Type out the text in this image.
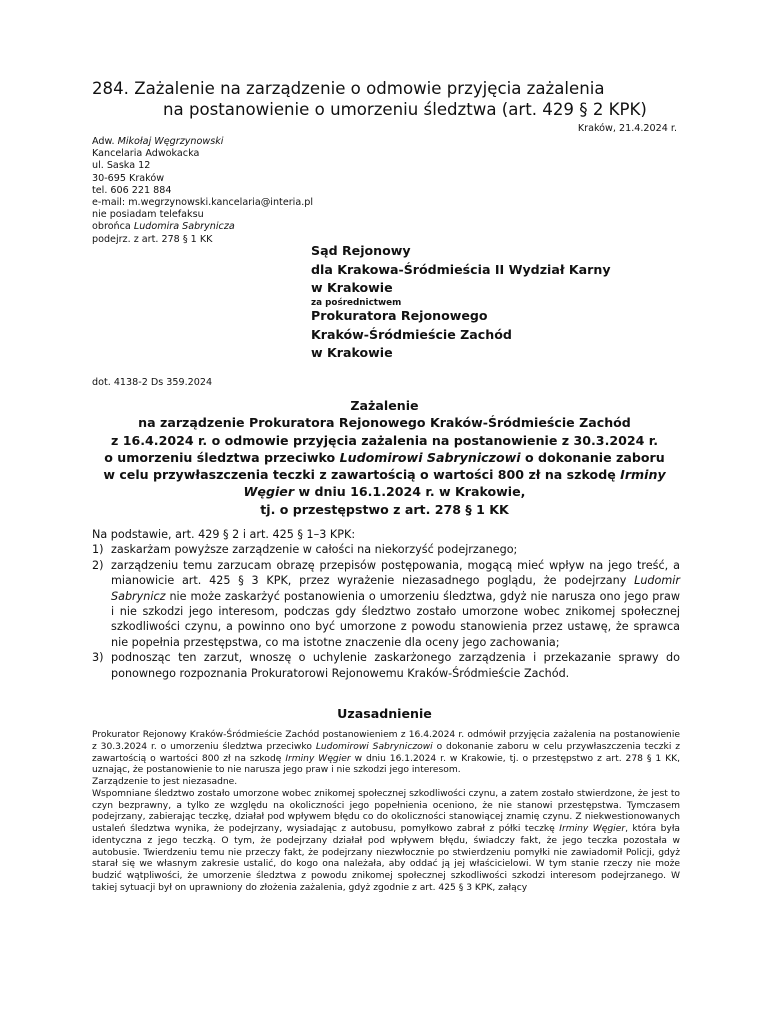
284. Zażalenie na zarządzenie o odmowie przyjęcia zażalenia
na postanowienie o umorzeniu śledztwa (art. 429 § 2 KPK)
Kraków, 21.4.2024 r.
Adw. Mikołaj Węgrzynowski
Kancelaria Adwokacka
ul. Saska 12
30-695 Kraków
tel. 606 221 884
e-mail: m.wegrzynowski.kancelaria@interia.pl
nie posiadam telefaksu
obrońca Ludomira Sabrynicza
podejrz. z art. 278 § 1 KK
Sąd Rejonowy
dla Krakowa-Śródmieścia II Wydział Karny
w Krakowie
za pośrednictwem
Prokuratora Rejonowego
Kraków-Śródmieście Zachód
w Krakowie
dot. 4138-2 Ds 359.2024
Zażalenie
na zarządzenie Prokuratora Rejonowego Kraków-Śródmieście Zachód
z 16.4.2024 r. o odmowie przyjęcia zażalenia na postanowienie z 30.3.2024 r.
o umorzeniu śledztwa przeciwko Ludomirowi Sabryniczowi o dokonanie zaboru
w celu przywłaszczenia teczki z zawartością o wartości 800 zł na szkodę Irminy
Węgier w dniu 16.1.2024 r. w Krakowie,
tj. o przestępstwo z art. 278 § 1 KK
Na podstawie, art. 429 § 2 i art. 425 § 1–3 KPK:
1) zaskarżam powyższe zarządzenie w całości na niekorzyść podejrzanego;
2) zarządzeniu temu zarzucam obrazę przepisów postępowania, mogącą mieć wpływ na jego treść, a mianowicie art. 425 § 3 KPK, przez wyrażenie niezasadnego poglądu, że podejrzany Ludomir Sabrynicz nie może zaskarżyć postanowienia o umorzeniu śledztwa, gdyż nie narusza ono jego praw i nie szkodzi jego interesom, podczas gdy śledztwo zostało umorzone wobec znikomej społecznej szkodliwości czynu, a powinno ono być umorzone z powodu stanowienia przez ustawę, że sprawca nie popełnia przestępstwa, co ma istotne znaczenie dla oceny jego zachowania;
3) podnosząc ten zarzut, wnoszę o uchylenie zaskarżonego zarządzenia i przekazanie sprawy do ponownego rozpoznania Prokuratorowi Rejonowemu Kraków-Śródmieście Zachód.
Uzasadnienie

Prokurator Rejonowy Kraków-Śródmieście Zachód postanowieniem z 16.4.2024 r. odmówił przyjęcia zażalenia na postanowienie z 30.3.2024 r. o umorzeniu śledztwa przeciwko Ludomirowi Sabryniczowi o dokonanie zaboru w celu przywłaszczenia teczki z zawartością o wartości 800 zł na szkodę Irminy Węgier w dniu 16.1.2024 r. w Krakowie, tj. o przestępstwo z art. 278 § 1 KK, uznając, że postanowienie to nie narusza jego praw i nie szkodzi jego interesom.

Zarządzenie to jest niezasadne.

Wspomniane śledztwo zostało umorzone wobec znikomej społecznej szkodliwości czynu, a zatem zostało stwierdzone, że jest to czyn bezprawny, a tylko ze względu na okoliczności jego popełnienia oceniono, że nie stanowi przestępstwa. Tymczasem podejrzany, zabierając teczkę, działał pod wpływem błędu co do okoliczności stanowiącej znamię czynu. Z niekwestionowanych ustaleń śledztwa wynika, że podejrzany, wysiadając z autobusu, pomyłkowo zabrał z półki teczkę Irminy Węgier, która była identyczna z jego teczką. O tym, że podejrzany działał pod wpływem błędu, świadczy fakt, że jego teczka pozostała w autobusie. Twierdzeniu temu nie przeczy fakt, że podejrzany niezwłocznie po stwierdzeniu pomyłki nie zawiadomił Policji, gdyż starał się we własnym zakresie ustalić, do kogo ona należała, aby oddać ją jej właścicielowi. W tym stanie rzeczy nie może budzić wątpliwości, że umorzenie śledztwa z powodu znikomej społecznej szkodliwości szkodzi interesom podejrzanego. W takiej sytuacji był on uprawniony do złożenia zażalenia, gdyż zgodnie z art. 425 § 3 KPK, załący
